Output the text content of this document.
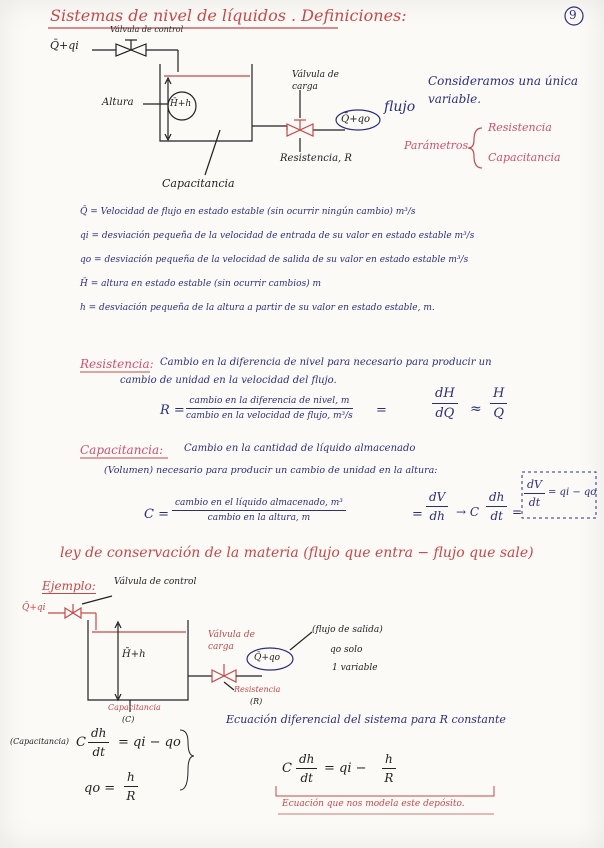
Sistemas de nivel de líquidos . Definiciones:	9
Q̄+qi
Válvula de control
Altura	H̄+h
Válvula de carga
Q̄+qo
flujo
Resistencia, R
Capacitancia
Consideramos una única variable.
Parámetros
Resistencia
Capacitancia
Q̄ = Velocidad de flujo en estado estable (sin ocurrir ningún cambio) m³/s
qi = desviación pequeña de la velocidad de entrada de su valor en estado estable m³/s
qo = desviación pequeña de la velocidad de salida de su valor en estado estable m³/s
H̄ = altura en estado estable (sin ocurrir cambios) m
h = desviación pequeña de la altura a partir de su valor en estado estable, m.
Resistencia: Cambio en la diferencia de nivel para necesario para producir un
cambio de unidad en la velocidad del flujo.
R =
cambio en la diferencia de nivel, m
cambio en la velocidad de flujo, m³/s =	$\frac{dH}{dQ} \approx \frac{H}{Q}$
Capacitancia: Cambio en la cantidad de líquido almacenado
(Volumen) necesario para producir un cambio de unidad en la altura:
C =
cambio en el líquido almacenado, m³
cambio en la altura, m	= $\frac{dV}{dh} \to C \frac{dh}{dt}$ =
$\frac{dV}{dt}$ = qi − qo
ley de conservación de la materia (flujo que entra − flujo que sale)
Ejemplo: Válvula de control
Q̄+qi
H̄+h
Válvula de carga
Q̄+qo
(flujo de salida)
qo solo
1 variable
Resistencia
(R)
Capacitancia
(C)
(Capacitancia) C $\frac{dh}{dt}$ = qi − qo
qo = $\frac{h}{R}$
Ecuación diferencial del sistema para R constante
C $\frac{dh}{dt}$ = qi − $\frac{h}{R}$
Ecuación que nos modela este depósito.
